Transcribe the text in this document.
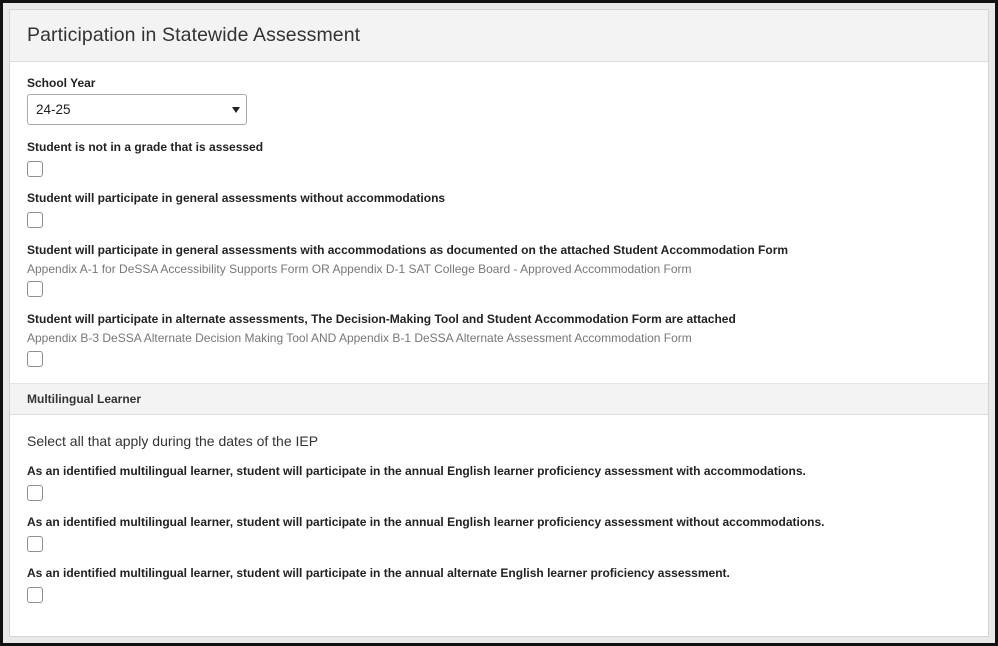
Participation in Statewide Assessment

School Year

24-25

Student is not in a grade that is assessed

Student will participate in general assessments without accommodations

Student will participate in general assessments with accommodations as documented on the attached Student Accommodation Form

Appendix A-1 for DeSSA Accessibility Supports Form OR Appendix D-1 SAT College Board - Approved Accommodation Form

Student will participate in alternate assessments, The Decision-Making Tool and Student Accommodation Form are attached

Appendix B-3 DeSSA Alternate Decision Making Tool AND Appendix B-1 DeSSA Alternate Assessment Accommodation Form

Multilingual Learner

Select all that apply during the dates of the IEP

As an identified multilingual learner, student will participate in the annual English learner proficiency assessment with accommodations.

As an identified multilingual learner, student will participate in the annual English learner proficiency assessment without accommodations.

As an identified multilingual learner, student will participate in the annual alternate English learner proficiency assessment.
